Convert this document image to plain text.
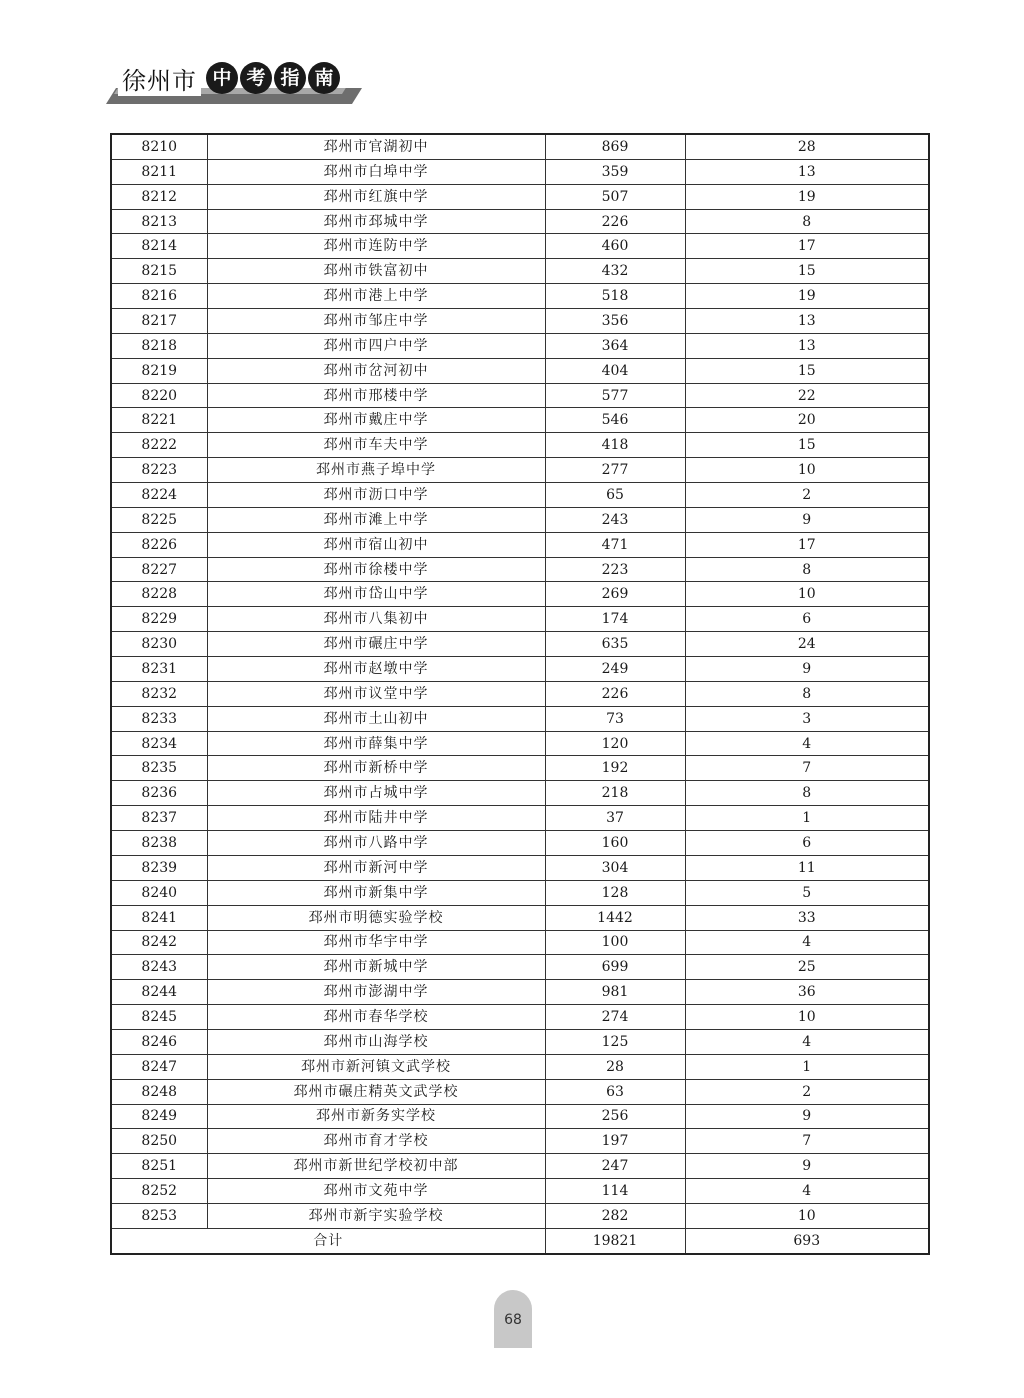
徐州市 中 考 指 南
8210	邳州市官湖初中	869	28
8211	邳州市白埠中学	359	13
8212	邳州市红旗中学	507	19
8213	邳州市邳城中学	226	8
8214	邳州市连防中学	460	17
8215	邳州市铁富初中	432	15
8216	邳州市港上中学	518	19
8217	邳州市邹庄中学	356	13
8218	邳州市四户中学	364	13
8219	邳州市岔河初中	404	15
8220	邳州市邢楼中学	577	22
8221	邳州市戴庄中学	546	20
8222	邳州市车夫中学	418	15
8223	邳州市燕子埠中学	277	10
8224	邳州市沥口中学	65	2
8225	邳州市滩上中学	243	9
8226	邳州市宿山初中	471	17
8227	邳州市徐楼中学	223	8
8228	邳州市岱山中学	269	10
8229	邳州市八集初中	174	6
8230	邳州市碾庄中学	635	24
8231	邳州市赵墩中学	249	9
8232	邳州市议堂中学	226	8
8233	邳州市土山初中	73	3
8234	邳州市薛集中学	120	4
8235	邳州市新桥中学	192	7
8236	邳州市占城中学	218	8
8237	邳州市陆井中学	37	1
8238	邳州市八路中学	160	6
8239	邳州市新河中学	304	11
8240	邳州市新集中学	128	5
8241	邳州市明德实验学校	1442	33
8242	邳州市华宇中学	100	4
8243	邳州市新城中学	699	25
8244	邳州市澎湖中学	981	36
8245	邳州市春华学校	274	10
8246	邳州市山海学校	125	4
8247	邳州市新河镇文武学校	28	1
8248	邳州市碾庄精英文武学校	63	2
8249	邳州市新务实学校	256	9
8250	邳州市育才学校	197	7
8251	邳州市新世纪学校初中部	247	9
8252	邳州市文苑中学	114	4
8253	邳州市新宇实验学校	282	10
合计		19821	693
68
